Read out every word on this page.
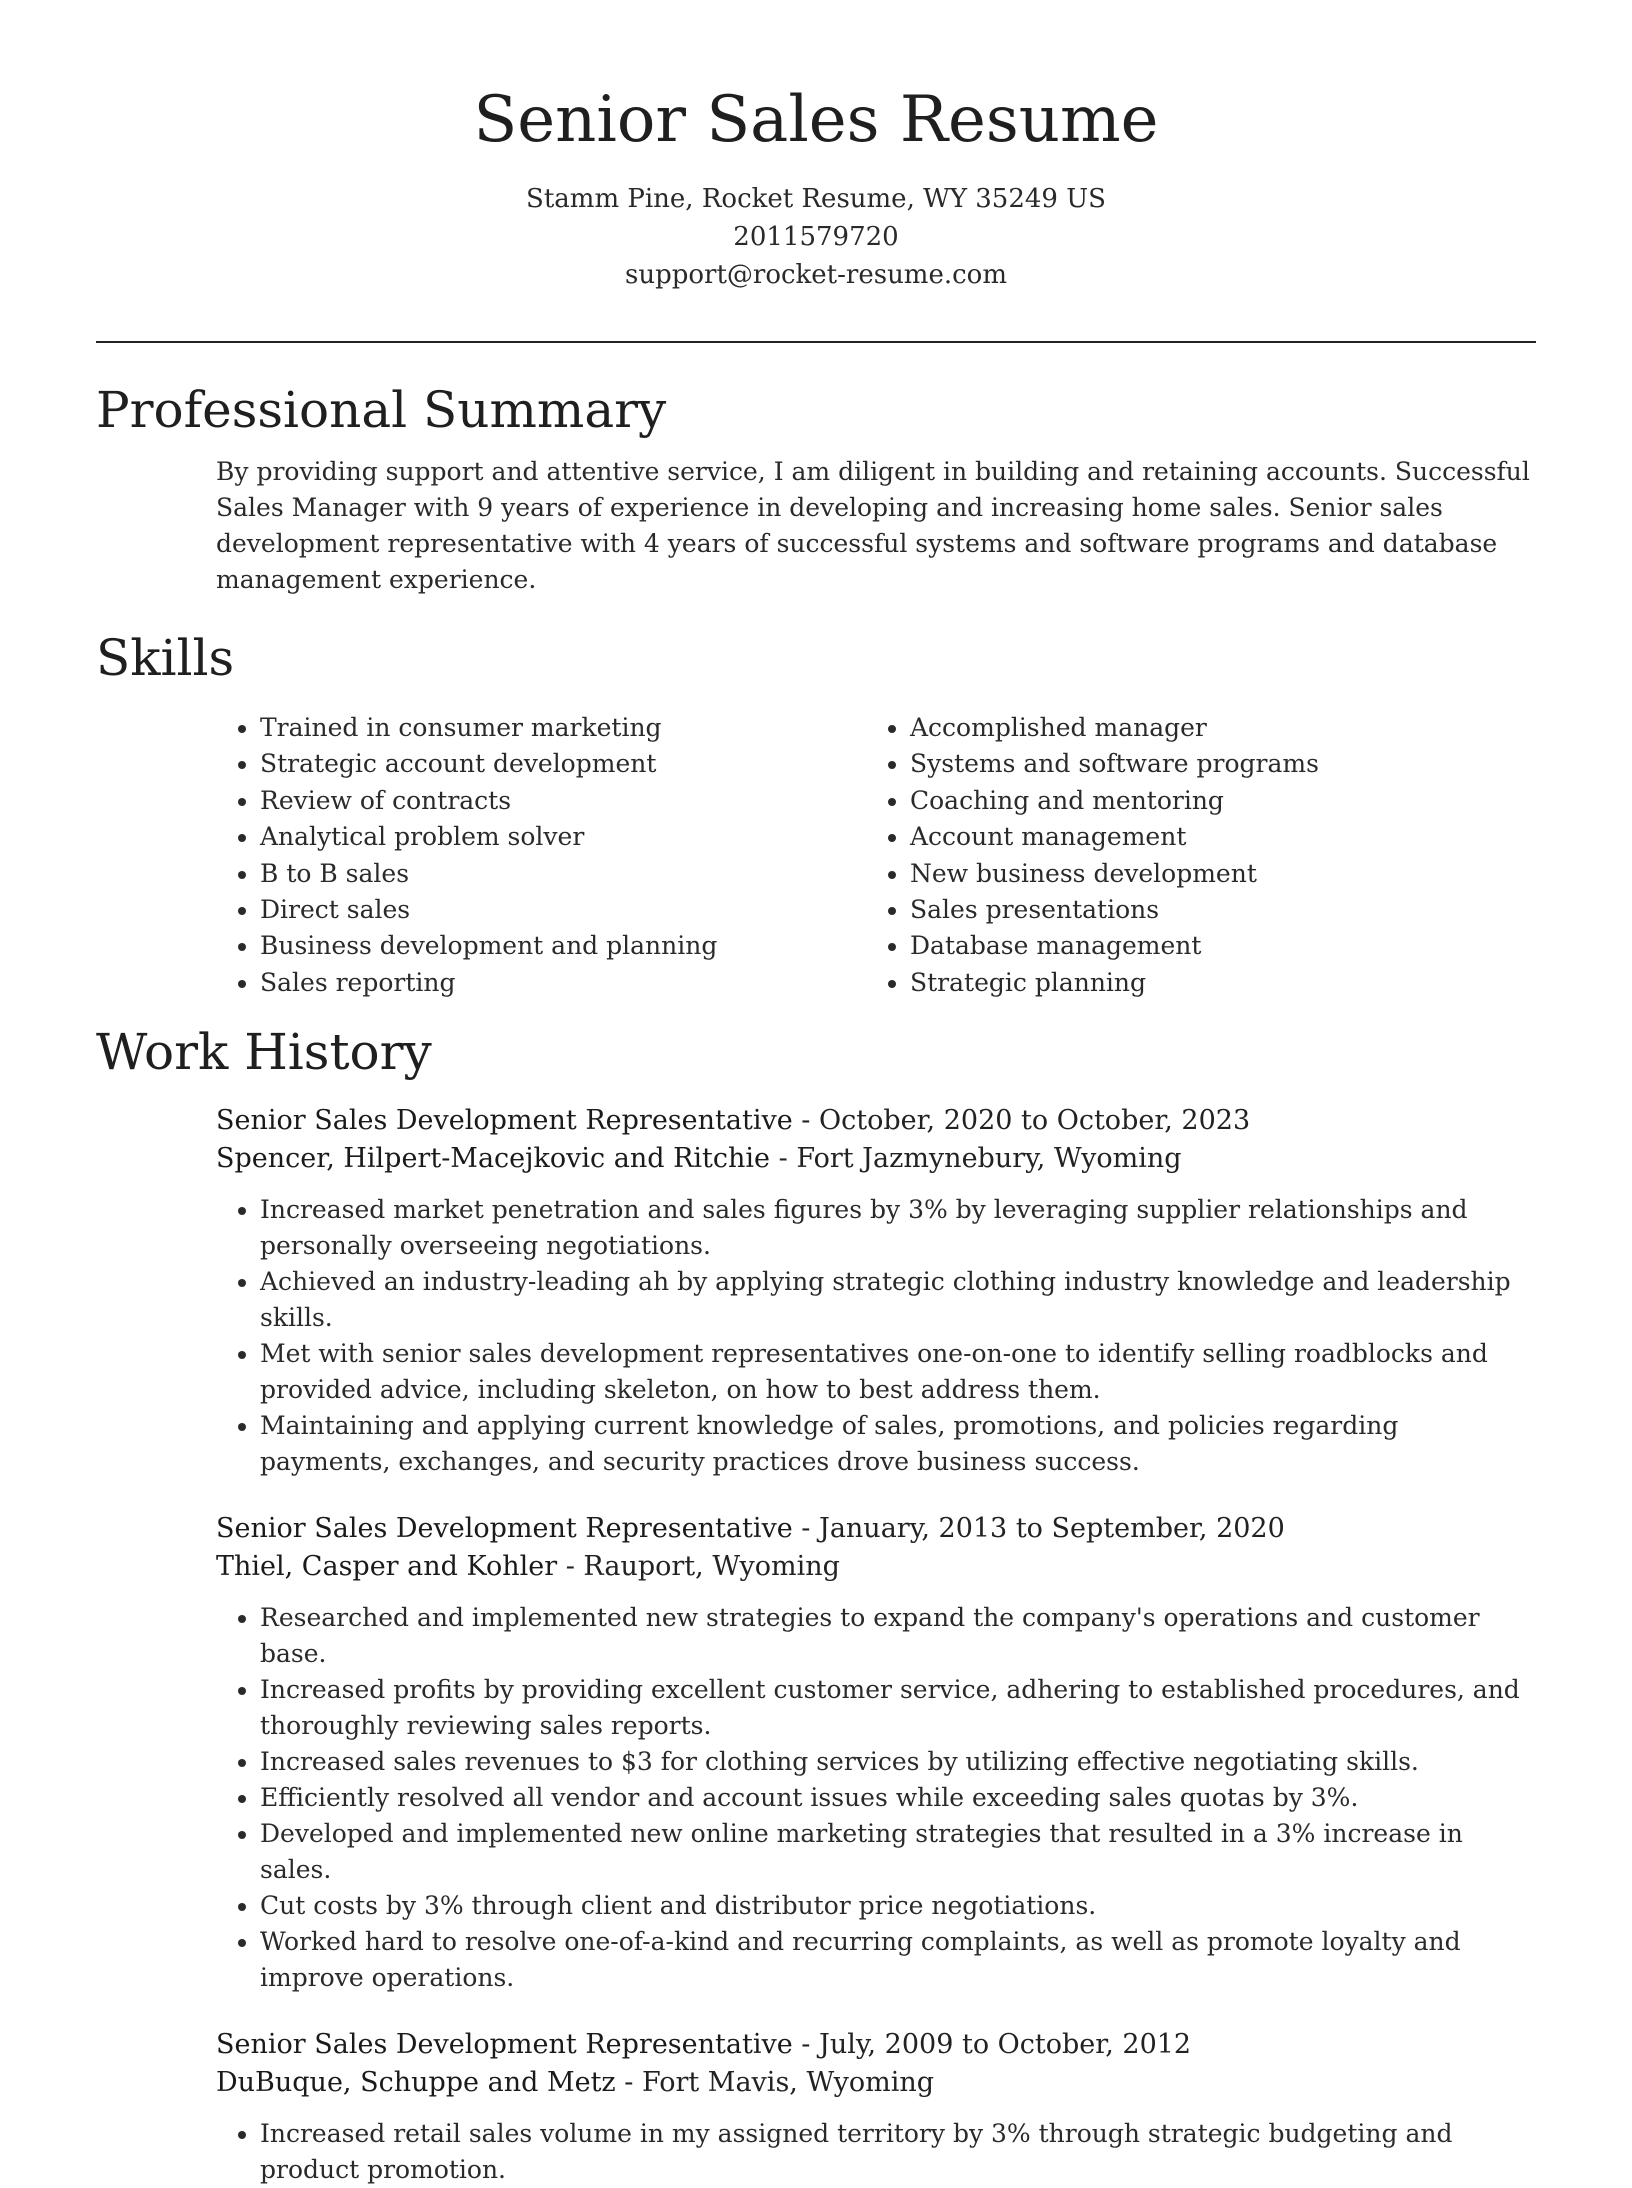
Senior Sales Resume
Stamm Pine, Rocket Resume, WY 35249 US
2011579720
support@rocket-resume.com
Professional Summary
By providing support and attentive service, I am diligent in building and retaining accounts. Successful Sales Manager with 9 years of experience in developing and increasing home sales. Senior sales development representative with 4 years of successful systems and software programs and database management experience.
Skills
• Trained in consumer marketing
• Strategic account development
• Review of contracts
• Analytical problem solver
• B to B sales
• Direct sales
• Business development and planning
• Sales reporting
• Accomplished manager
• Systems and software programs
• Coaching and mentoring
• Account management
• New business development
• Sales presentations
• Database management
• Strategic planning
Work History
Senior Sales Development Representative - October, 2020 to October, 2023
Spencer, Hilpert-Macejkovic and Ritchie - Fort Jazmynebury, Wyoming
• Increased market penetration and sales figures by 3% by leveraging supplier relationships and personally overseeing negotiations.
• Achieved an industry-leading ah by applying strategic clothing industry knowledge and leadership skills.
• Met with senior sales development representatives one-on-one to identify selling roadblocks and provided advice, including skeleton, on how to best address them.
• Maintaining and applying current knowledge of sales, promotions, and policies regarding payments, exchanges, and security practices drove business success.
Senior Sales Development Representative - January, 2013 to September, 2020
Thiel, Casper and Kohler - Rauport, Wyoming
• Researched and implemented new strategies to expand the company's operations and customer base.
• Increased profits by providing excellent customer service, adhering to established procedures, and thoroughly reviewing sales reports.
• Increased sales revenues to $3 for clothing services by utilizing effective negotiating skills.
• Efficiently resolved all vendor and account issues while exceeding sales quotas by 3%.
• Developed and implemented new online marketing strategies that resulted in a 3% increase in sales.
• Cut costs by 3% through client and distributor price negotiations.
• Worked hard to resolve one-of-a-kind and recurring complaints, as well as promote loyalty and improve operations.
Senior Sales Development Representative - July, 2009 to October, 2012
DuBuque, Schuppe and Metz - Fort Mavis, Wyoming
• Increased retail sales volume in my assigned territory by 3% through strategic budgeting and product promotion.
